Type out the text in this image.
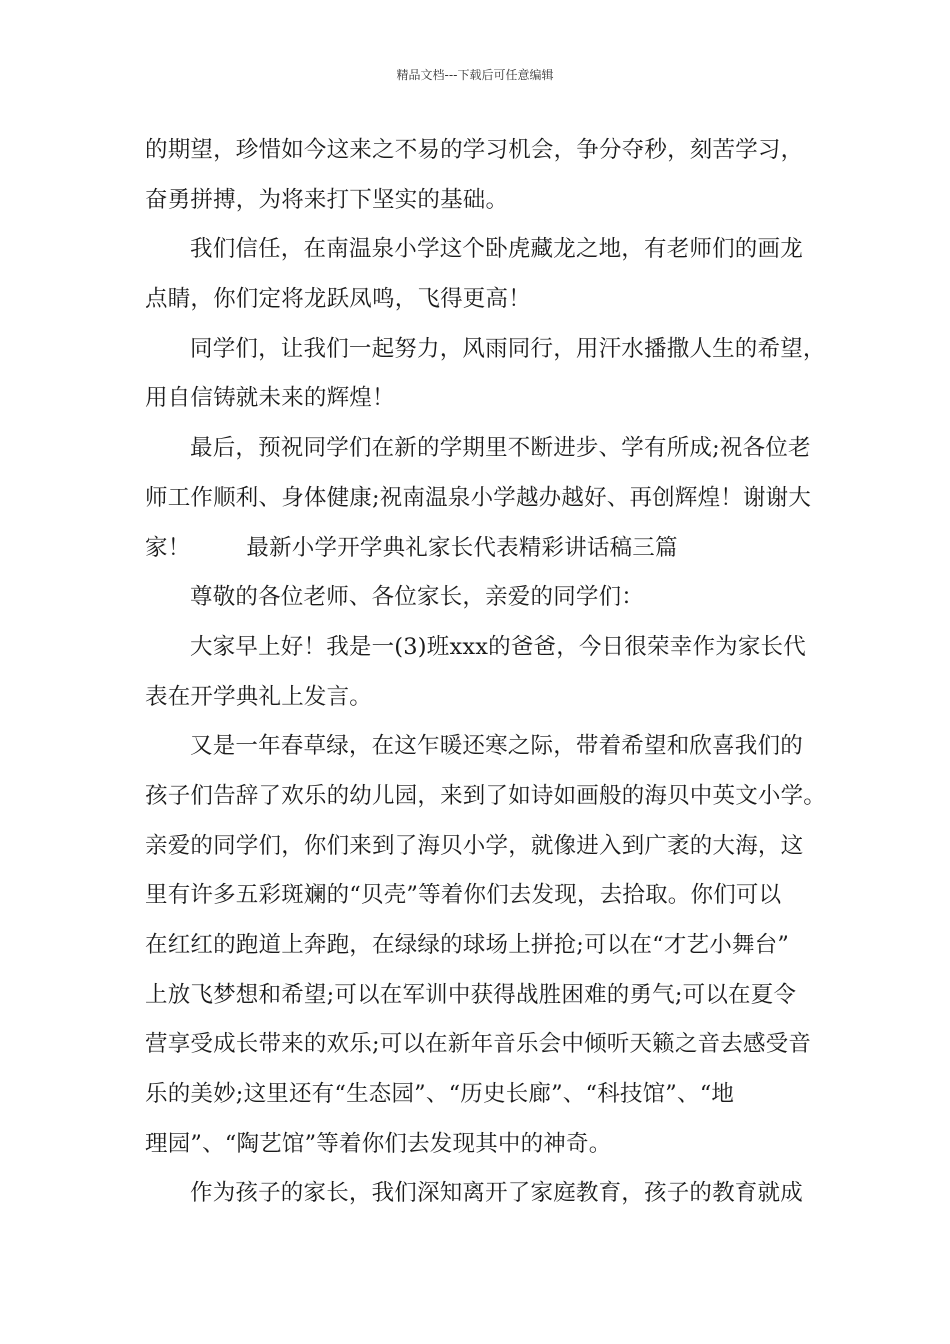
精品文档---下载后可任意编辑
的期望，珍惜如今这来之不易的学习机会，争分夺秒，刻苦学习，
奋勇拼搏，为将来打下坚实的基础。
我们信任，在南温泉小学这个卧虎藏龙之地，有老师们的画龙
点睛，你们定将龙跃凤鸣，飞得更高！
同学们，让我们一起努力，风雨同行，用汗水播撒人生的希望，
用自信铸就未来的辉煌！
最后，预祝同学们在新的学期里不断进步、学有所成;祝各位老
师工作顺利、身体健康;祝南温泉小学越办越好、再创辉煌！谢谢大
家！ 最新小学开学典礼家长代表精彩讲话稿三篇
尊敬的各位老师、各位家长，亲爱的同学们：
大家早上好！我是一(3)班xxx的爸爸，今日很荣幸作为家长代
表在开学典礼上发言。
又是一年春草绿，在这乍暖还寒之际，带着希望和欣喜我们的
孩子们告辞了欢乐的幼儿园，来到了如诗如画般的海贝中英文小学。
亲爱的同学们，你们来到了海贝小学，就像进入到广袤的大海，这
里有许多五彩斑斓的“贝壳”等着你们去发现，去拾取。你们可以
在红红的跑道上奔跑，在绿绿的球场上拼抢;可以在“才艺小舞台”
上放飞梦想和希望;可以在军训中获得战胜困难的勇气;可以在夏令
营享受成长带来的欢乐;可以在新年音乐会中倾听天籁之音去感受音
乐的美妙;这里还有“生态园”、“历史长廊”、“科技馆”、“地
理园”、“陶艺馆”等着你们去发现其中的神奇。
作为孩子的家长，我们深知离开了家庭教育，孩子的教育就成
